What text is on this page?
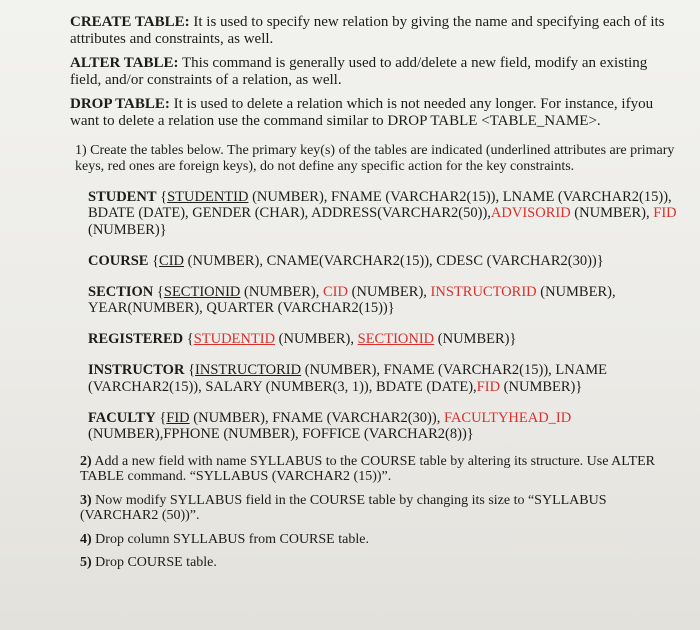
CREATE TABLE: It is used to specify new relation by giving the name and specifying each of its attributes and constraints, as well.

ALTER TABLE: This command is generally used to add/delete a new field, modify an existing field, and/or constraints of a relation, as well.

DROP TABLE: It is used to delete a relation which is not needed any longer. For instance, ifyou want to delete a relation use the command similar to DROP TABLE <TABLE_NAME>.

1) Create the tables below. The primary key(s) of the tables are indicated (underlined attributes are primary keys, red ones are foreign keys), do not define any specific action for the key constraints.

STUDENT {STUDENTID (NUMBER), FNAME (VARCHAR2(15)), LNAME (VARCHAR2(15)), BDATE (DATE), GENDER (CHAR), ADDRESS(VARCHAR2(50)),ADVISORID (NUMBER), FID (NUMBER)}

COURSE {CID (NUMBER), CNAME(VARCHAR2(15)), CDESC (VARCHAR2(30))}

SECTION {SECTIONID (NUMBER), CID (NUMBER), INSTRUCTORID (NUMBER), YEAR(NUMBER), QUARTER (VARCHAR2(15))}

REGISTERED {STUDENTID (NUMBER), SECTIONID (NUMBER)}

INSTRUCTOR {INSTRUCTORID (NUMBER), FNAME (VARCHAR2(15)), LNAME (VARCHAR2(15)), SALARY (NUMBER(3, 1)), BDATE (DATE),FID (NUMBER)}

FACULTY {FID (NUMBER), FNAME (VARCHAR2(30)), FACULTYHEAD_ID (NUMBER),FPHONE (NUMBER), FOFFICE (VARCHAR2(8))}

2) Add a new field with name SYLLABUS to the COURSE table by altering its structure. Use ALTER TABLE command. “SYLLABUS (VARCHAR2 (15))”.

3) Now modify SYLLABUS field in the COURSE table by changing its size to “SYLLABUS (VARCHAR2 (50))”.

4) Drop column SYLLABUS from COURSE table.

5) Drop COURSE table.
